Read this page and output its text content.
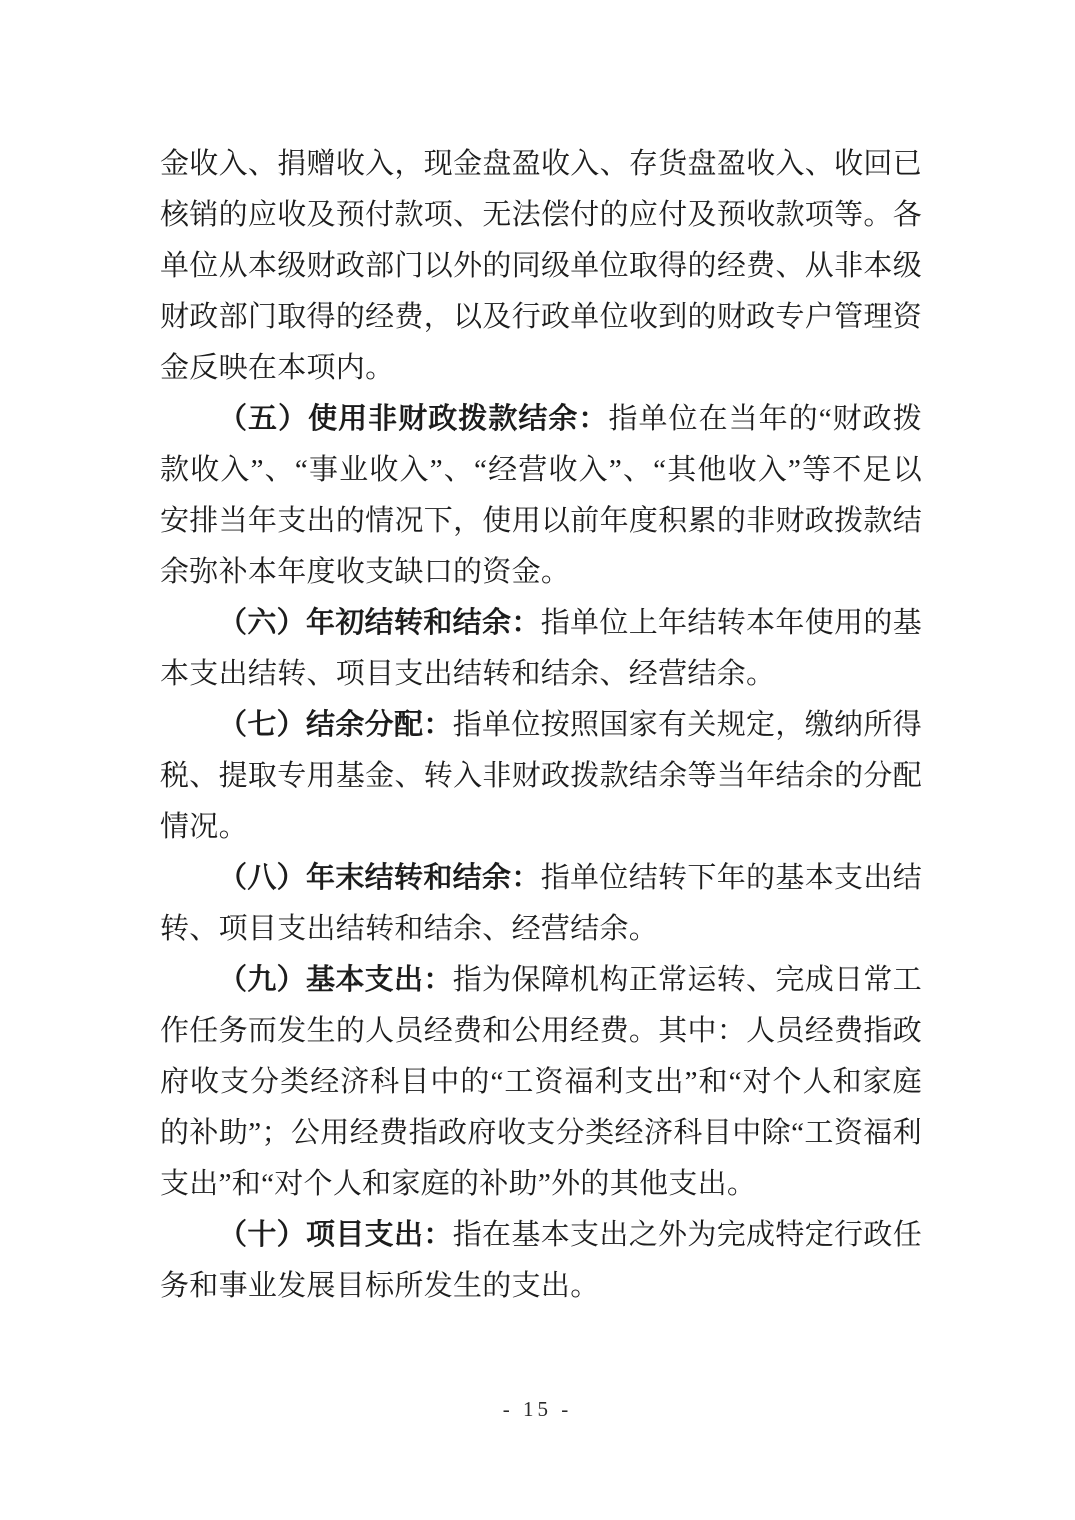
金收入、捐赠收入，现金盘盈收入、存货盘盈收入、收回已核销的应收及预付款项、无法偿付的应付及预收款项等。各单位从本级财政部门以外的同级单位取得的经费、从非本级财政部门取得的经费，以及行政单位收到的财政专户管理资金反映在本项内。

（五）使用非财政拨款结余：指单位在当年的“财政拨款收入”、“事业收入”、“经营收入”、“其他收入”等不足以安排当年支出的情况下，使用以前年度积累的非财政拨款结余弥补本年度收支缺口的资金。

（六）年初结转和结余：指单位上年结转本年使用的基本支出结转、项目支出结转和结余、经营结余。

（七）结余分配：指单位按照国家有关规定，缴纳所得税、提取专用基金、转入非财政拨款结余等当年结余的分配情况。

（八）年末结转和结余：指单位结转下年的基本支出结转、项目支出结转和结余、经营结余。

（九）基本支出：指为保障机构正常运转、完成日常工作任务而发生的人员经费和公用经费。其中：人员经费指政府收支分类经济科目中的“工资福利支出”和“对个人和家庭的补助”；公用经费指政府收支分类经济科目中除“工资福利支出”和“对个人和家庭的补助”外的其他支出。

（十）项目支出：指在基本支出之外为完成特定行政任务和事业发展目标所发生的支出。

- 15 -
